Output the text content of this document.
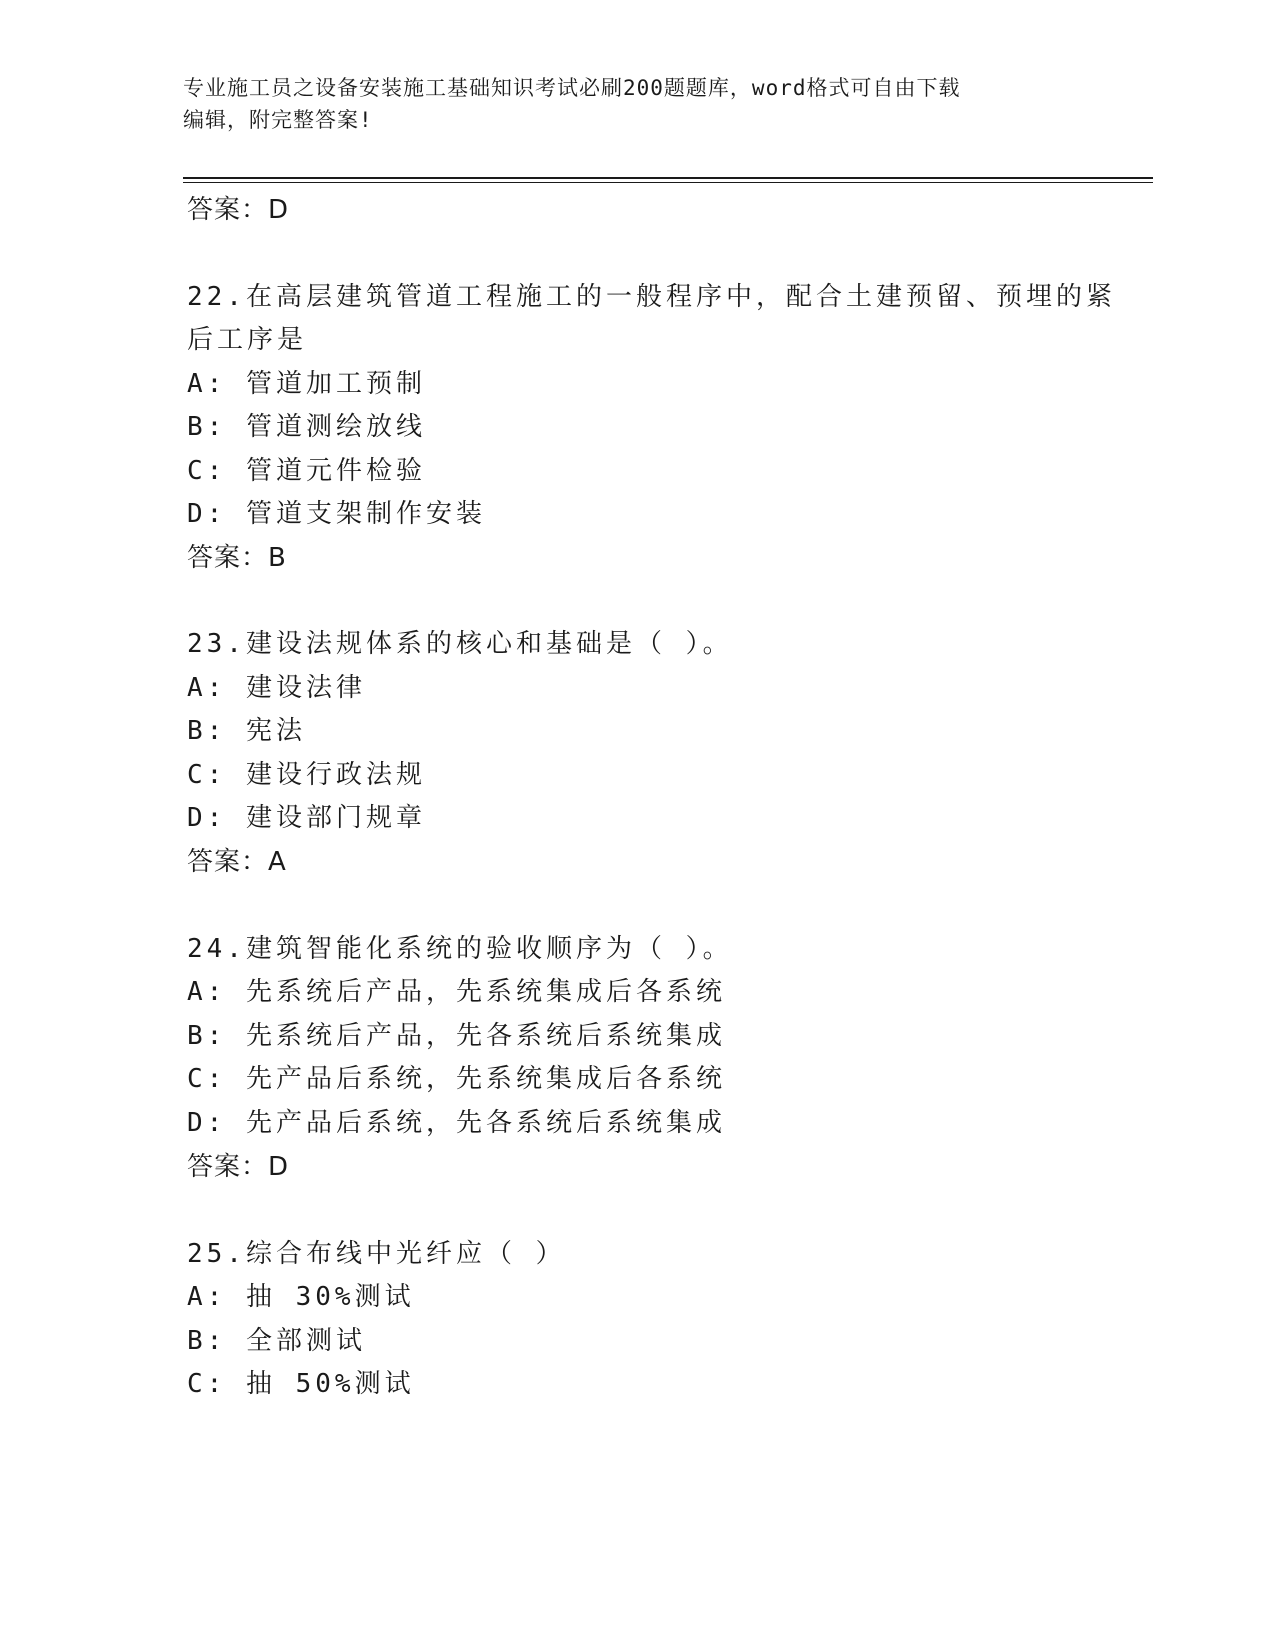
专业施工员之设备安装施工基础知识考试必刷200题题库，word格式可自由下载
编辑，附完整答案!
答案：D
22.在高层建筑管道工程施工的一般程序中，配合土建预留、预埋的紧
后工序是
A: 管道加工预制
B: 管道测绘放线
C: 管道元件检验
D: 管道支架制作安装
答案：B
23.建设法规体系的核心和基础是（ ）。
A: 建设法律
B: 宪法
C: 建设行政法规
D: 建设部门规章
答案：A
24.建筑智能化系统的验收顺序为（ ）。
A: 先系统后产品，先系统集成后各系统
B: 先系统后产品，先各系统后系统集成
C: 先产品后系统，先系统集成后各系统
D: 先产品后系统，先各系统后系统集成
答案：D
25.综合布线中光纤应（ ）
A: 抽 30%测试
B: 全部测试
C: 抽 50%测试
